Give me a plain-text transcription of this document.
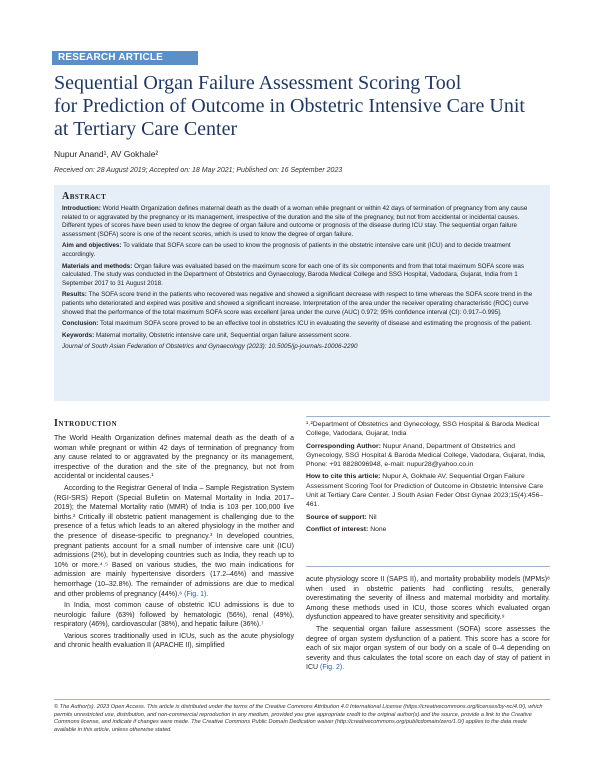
RESEARCH ARTICLE
Sequential Organ Failure Assessment Scoring Tool
for Prediction of Outcome in Obstetric Intensive Care Unit
at Tertiary Care Center
Nupur Anand¹, AV Gokhale²
Received on: 28 August 2019; Accepted on: 18 May 2021; Published on: 16 September 2023
Abstract

Introduction: World Health Organization defines maternal death as the death of a woman while pregnant or within 42 days of termination of pregnancy from any cause related to or aggravated by the pregnancy or its management, irrespective of the duration and the site of the pregnancy, but not from accidental or incidental causes. Different types of scores have been used to know the degree of organ failure and outcome or prognosis of the disease during ICU stay. The sequential organ failure assessment (SOFA) score is one of the recent scores, which is used to know the degree of organ failure.

Aim and objectives: To validate that SOFA score can be used to know the prognosis of patients in the obstetric intensive care unit (ICU) and to decide treatment accordingly.

Materials and methods: Organ failure was evaluated based on the maximum score for each one of its six components and from that total maximum SOFA score was calculated. The study was conducted in the Department of Obstetrics and Gynaecology, Baroda Medical College and SSG Hospital, Vadodara, Gujarat, India from 1 September 2017 to 31 August 2018.

Results: The SOFA score trend in the patients who recovered was negative and showed a significant decrease with respect to time whereas the SOFA score trend in the patients who deteriorated and expired was positive and showed a significant increase. Interpretation of the area under the receiver operating characteristic (ROC) curve showed that the performance of the total maximum SOFA score was excellent [area under the curve (AUC) 0.972; 95% confidence interval (CI): 0.917–0.995].

Conclusion: Total maximum SOFA score proved to be an effective tool in obstetrics ICU in evaluating the severity of disease and estimating the prognosis of the patient.

Keywords: Maternal mortality, Obstetric intensive care unit, Sequential organ failure assessment score.

Journal of South Asian Federation of Obstetrics and Gynaecology (2023): 10.5005/jp-journals-10006-2290

Introduction

The World Health Organization defines maternal death as the death of a woman while pregnant or within 42 days of termination of pregnancy from any cause related to or aggravated by the pregnancy or its management, irrespective of the duration and the site of the pregnancy, but not from accidental or incidental causes.¹

According to the Registrar General of India – Sample Registration System (RGI-SRS) Report (Special Bulletin on Maternal Mortality in India 2017–2019); the Maternal Mortality ratio (MMR) of India is 103 per 100,000 live births.² Critically ill obstetric patient management is challenging due to the presence of a fetus which leads to an altered physiology in the mother and the presence of disease-specific to pregnancy.³ In developed countries, pregnant patients account for a small number of intensive care unit (ICU) admissions (2%), but in developing countries such as India, they reach up to 10% or more.⁴˒⁵ Based on various studies, the two main indications for admission are mainly hypertensive disorders (17.2–46%) and massive hemorrhage (10–32.8%). The remainder of admissions are due to medical and other problems of pregnancy (44%).⁶ (Fig. 1).

In India, most common cause of obstetric ICU admissions is due to neurologic failure (63%) followed by hematologic (56%), renal (49%), respiratory (46%), cardiovascular (38%), and hepatic failure (36%).⁷

Various scores traditionally used in ICUs, such as the acute physiology and chronic health evaluation II (APACHE II), simplified

¹˒²Department of Obstetrics and Gynecology, SSG Hospital & Baroda Medical College, Vadodara, Gujarat, India

Corresponding Author: Nupur Anand, Department of Obstetrics and Gynecology, SSG Hospital & Baroda Medical College, Vadodara, Gujarat, India, Phone: +91 8828096948, e-mail: nupur28@yahoo.co.in

How to cite this article: Nupur A, Gokhale AV. Sequential Organ Failure Assessment Scoring Tool for Prediction of Outcome in Obstetric Intensive Care Unit at Tertiary Care Center. J South Asian Feder Obst Gynae 2023;15(4):456–461.

Source of support: Nil

Conflict of interest: None

acute physiology score II (SAPS II), and mortality probability models (MPMs)⁸ when used in obstetric patients had conflicting results, generally overestimating the severity of illness and maternal morbidity and mortality. Among these methods used in ICU, those scores which evaluated organ dysfunction appeared to have greater sensitivity and specificity.⁹

The sequential organ failure assessment (SOFA) score assesses the degree of organ system dysfunction of a patient. This score has a score for each of six major organ system of our body on a scale of 0–4 depending on severity and thus calculates the total score on each day of stay of patient in ICU (Fig. 2).

© The Author(s). 2023 Open Access. This article is distributed under the terms of the Creative Commons Attribution 4.0 International License (https://creativecommons.org/licenses/by-nc/4.0/), which permits unrestricted use, distribution, and non-commercial reproduction in any medium, provided you give appropriate credit to the original author(s) and the source, provide a link to the Creative Commons license, and indicate if changes were made. The Creative Commons Public Domain Dedication waiver (http://creativecommons.org/publicdomain/zero/1.0/) applies to the data made available in this article, unless otherwise stated.
